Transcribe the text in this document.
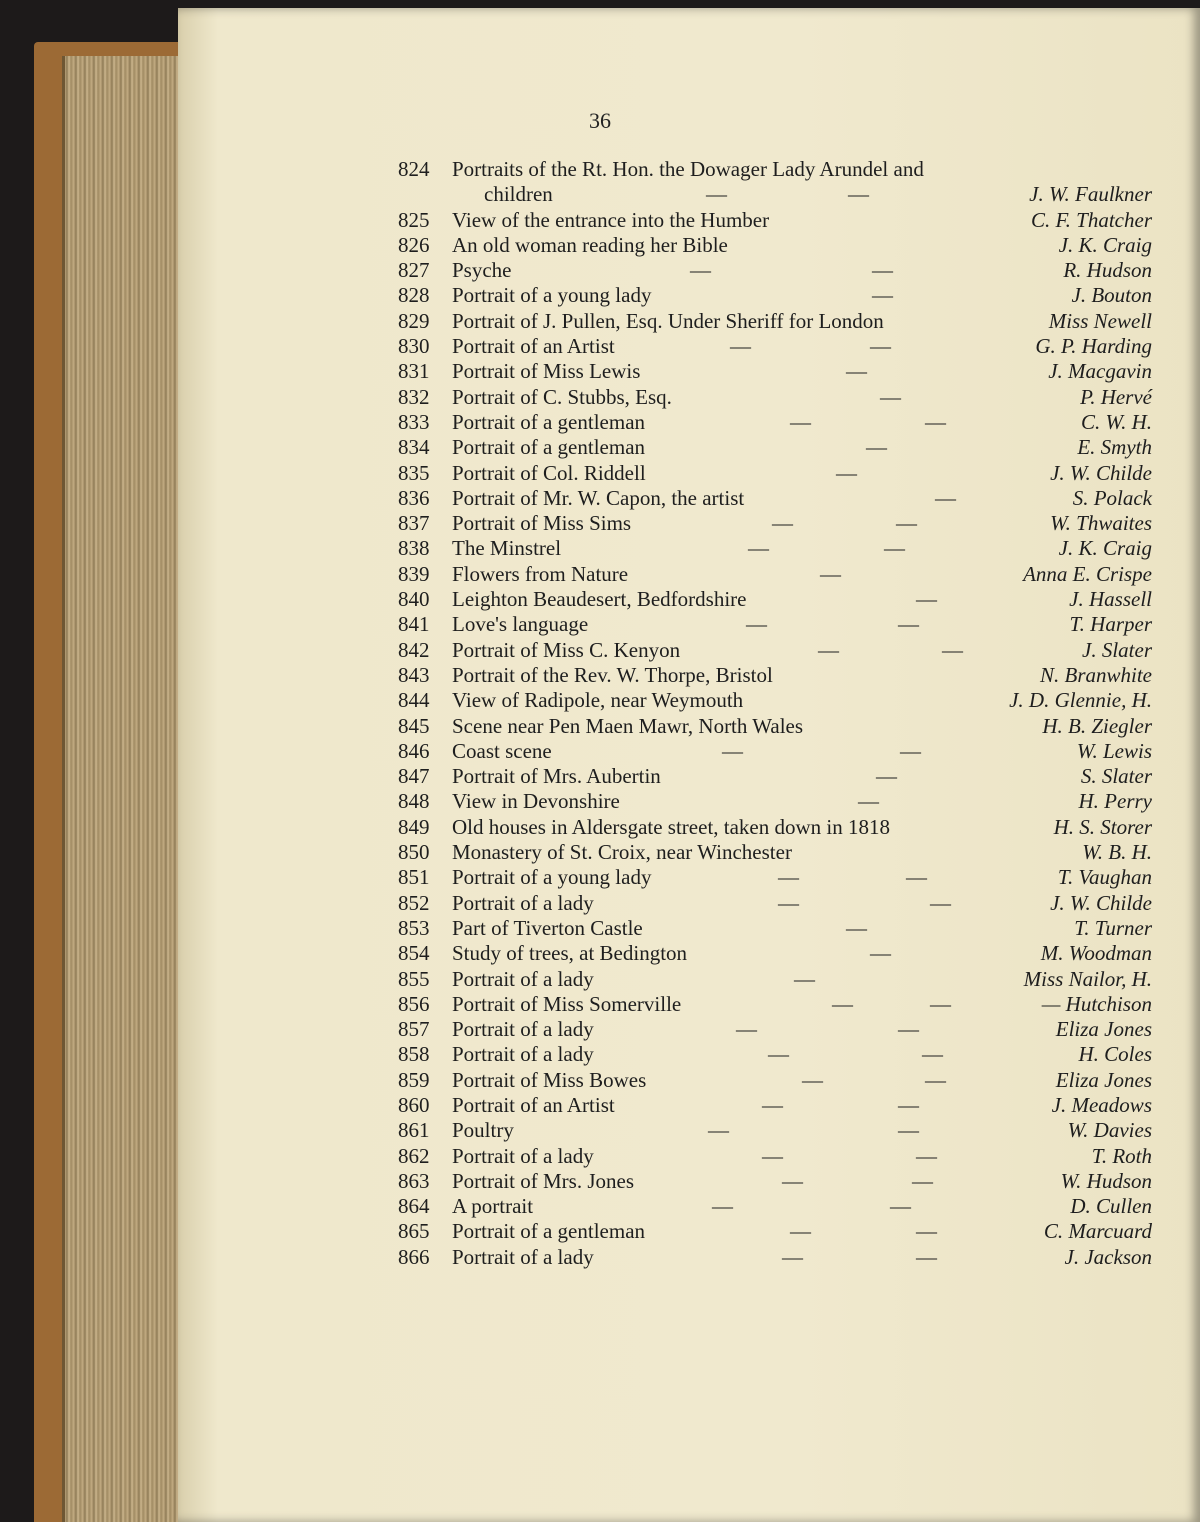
36
824	Portraits of the Rt. Hon. the Dowager Lady Arundel and
children	—	—	J. W. Faulkner
825	View of the entrance into the Humber	C. F. Thatcher
826	An old woman reading her Bible	J. K. Craig
827	Psyche	—	—	R. Hudson
828	Portrait of a young lady	—	J. Bouton
829	Portrait of J. Pullen, Esq. Under Sheriff for London	Miss Newell
830	Portrait of an Artist	—	—	G. P. Harding
831	Portrait of Miss Lewis	—	J. Macgavin
832	Portrait of C. Stubbs, Esq.	—	P. Hervé
833	Portrait of a gentleman	—	—	C. W. H.
834	Portrait of a gentleman	—	E. Smyth
835	Portrait of Col. Riddell	—	J. W. Childe
836	Portrait of Mr. W. Capon, the artist	—	S. Polack
837	Portrait of Miss Sims	—	—	W. Thwaites
838	The Minstrel	—	—	J. K. Craig
839	Flowers from Nature	—	Anna E. Crispe
840	Leighton Beaudesert, Bedfordshire	—	J. Hassell
841	Love's language	—	—	T. Harper
842	Portrait of Miss C. Kenyon	—	—	J. Slater
843	Portrait of the Rev. W. Thorpe, Bristol	N. Branwhite
844	View of Radipole, near Weymouth	J. D. Glennie, H.
845	Scene near Pen Maen Mawr, North Wales	H. B. Ziegler
846	Coast scene	—	—	W. Lewis
847	Portrait of Mrs. Aubertin	—	S. Slater
848	View in Devonshire	—	H. Perry
849	Old houses in Aldersgate street, taken down in 1818	H. S. Storer
850	Monastery of St. Croix, near Winchester	W. B. H.
851	Portrait of a young lady	—	—	T. Vaughan
852	Portrait of a lady	—	—	J. W. Childe
853	Part of Tiverton Castle	—	T. Turner
854	Study of trees, at Bedington	—	M. Woodman
855	Portrait of a lady	—	Miss Nailor, H.
856	Portrait of Miss Somerville	—	—	— Hutchison
857	Portrait of a lady	—	—	Eliza Jones
858	Portrait of a lady	—	—	H. Coles
859	Portrait of Miss Bowes	—	—	Eliza Jones
860	Portrait of an Artist	—	—	J. Meadows
861	Poultry	—	—	W. Davies
862	Portrait of a lady	—	—	T. Roth
863	Portrait of Mrs. Jones	—	—	W. Hudson
864	A portrait	—	—	D. Cullen
865	Portrait of a gentleman	—	—	C. Marcuard
866	Portrait of a lady	—	—	J. Jackson
